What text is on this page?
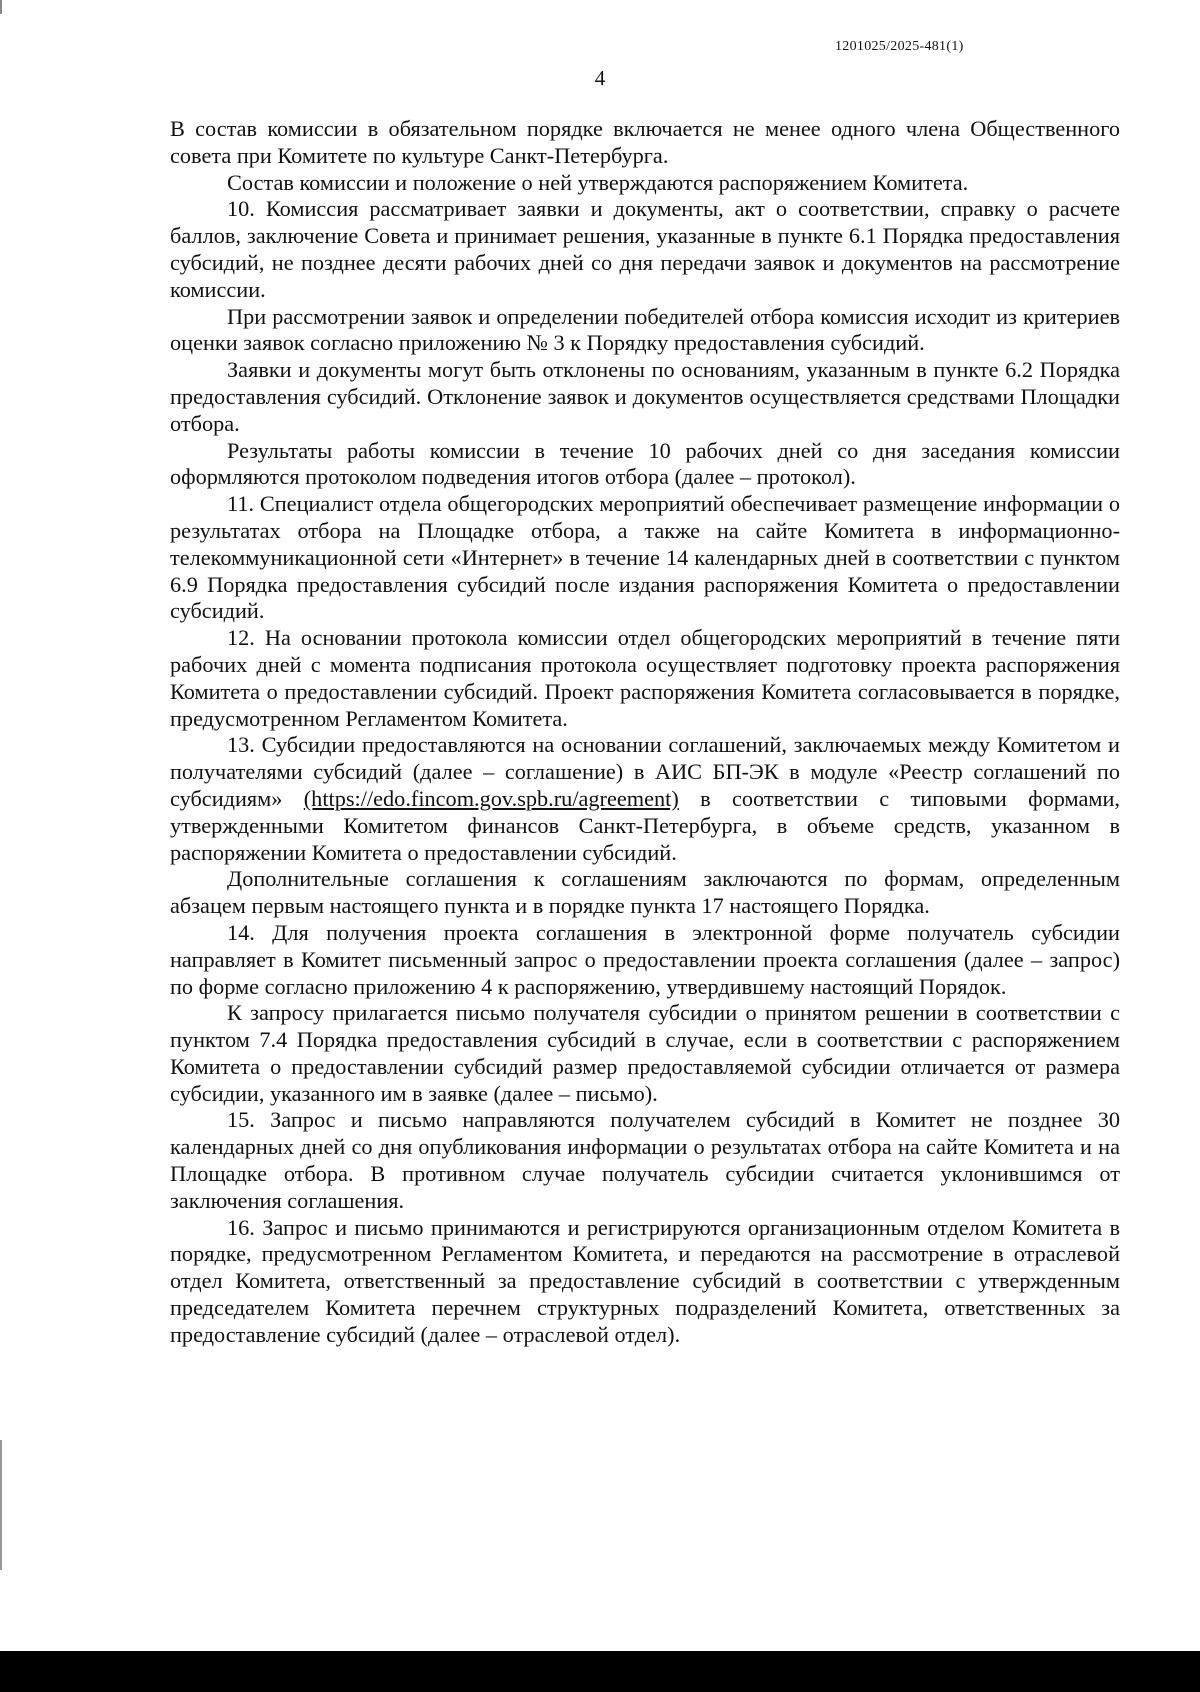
1201025/2025-481(1)
4

В состав комиссии в обязательном порядке включается не менее одного члена Общественного совета при Комитете по культуре Санкт-Петербурга.

Состав комиссии и положение о ней утверждаются распоряжением Комитета.

10. Комиссия рассматривает заявки и документы, акт о соответствии, справку о расчете баллов, заключение Совета и принимает решения, указанные в пункте 6.1 Порядка предоставления субсидий, не позднее десяти рабочих дней со дня передачи заявок и документов на рассмотрение комиссии.

При рассмотрении заявок и определении победителей отбора комиссия исходит из критериев оценки заявок согласно приложению № 3 к Порядку предоставления субсидий.

Заявки и документы могут быть отклонены по основаниям, указанным в пункте 6.2 Порядка предоставления субсидий. Отклонение заявок и документов осуществляется средствами Площадки отбора.

Результаты работы комиссии в течение 10 рабочих дней со дня заседания комиссии оформляются протоколом подведения итогов отбора (далее – протокол).

11. Специалист отдела общегородских мероприятий обеспечивает размещение информации о результатах отбора на Площадке отбора, а также на сайте Комитета в информационно-телекоммуникационной сети «Интернет» в течение 14 календарных дней в соответствии с пунктом 6.9 Порядка предоставления субсидий после издания распоряжения Комитета о предоставлении субсидий.

12. На основании протокола комиссии отдел общегородских мероприятий в течение пяти рабочих дней с момента подписания протокола осуществляет подготовку проекта распоряжения Комитета о предоставлении субсидий. Проект распоряжения Комитета согласовывается в порядке, предусмотренном Регламентом Комитета.

13. Субсидии предоставляются на основании соглашений, заключаемых между Комитетом и получателями субсидий (далее – соглашение) в АИС БП-ЭК в модуле «Реестр соглашений по субсидиям» (https://edo.fincom.gov.spb.ru/agreement) в соответствии с типовыми формами, утвержденными Комитетом финансов Санкт-Петербурга, в объеме средств, указанном в распоряжении Комитета о предоставлении субсидий.

Дополнительные соглашения к соглашениям заключаются по формам, определенным абзацем первым настоящего пункта и в порядке пункта 17 настоящего Порядка.

14. Для получения проекта соглашения в электронной форме получатель субсидии направляет в Комитет письменный запрос о предоставлении проекта соглашения (далее – запрос) по форме согласно приложению 4 к распоряжению, утвердившему настоящий Порядок.

К запросу прилагается письмо получателя субсидии о принятом решении в соответствии с пунктом 7.4 Порядка предоставления субсидий в случае, если в соответствии с распоряжением Комитета о предоставлении субсидий размер предоставляемой субсидии отличается от размера субсидии, указанного им в заявке (далее – письмо).

15. Запрос и письмо направляются получателем субсидий в Комитет не позднее 30 календарных дней со дня опубликования информации о результатах отбора на сайте Комитета и на Площадке отбора. В противном случае получатель субсидии считается уклонившимся от заключения соглашения.

16. Запрос и письмо принимаются и регистрируются организационным отделом Комитета в порядке, предусмотренном Регламентом Комитета, и передаются на рассмотрение в отраслевой отдел Комитета, ответственный за предоставление субсидий в соответствии с утвержденным председателем Комитета перечнем структурных подразделений Комитета, ответственных за предоставление субсидий (далее – отраслевой отдел).
